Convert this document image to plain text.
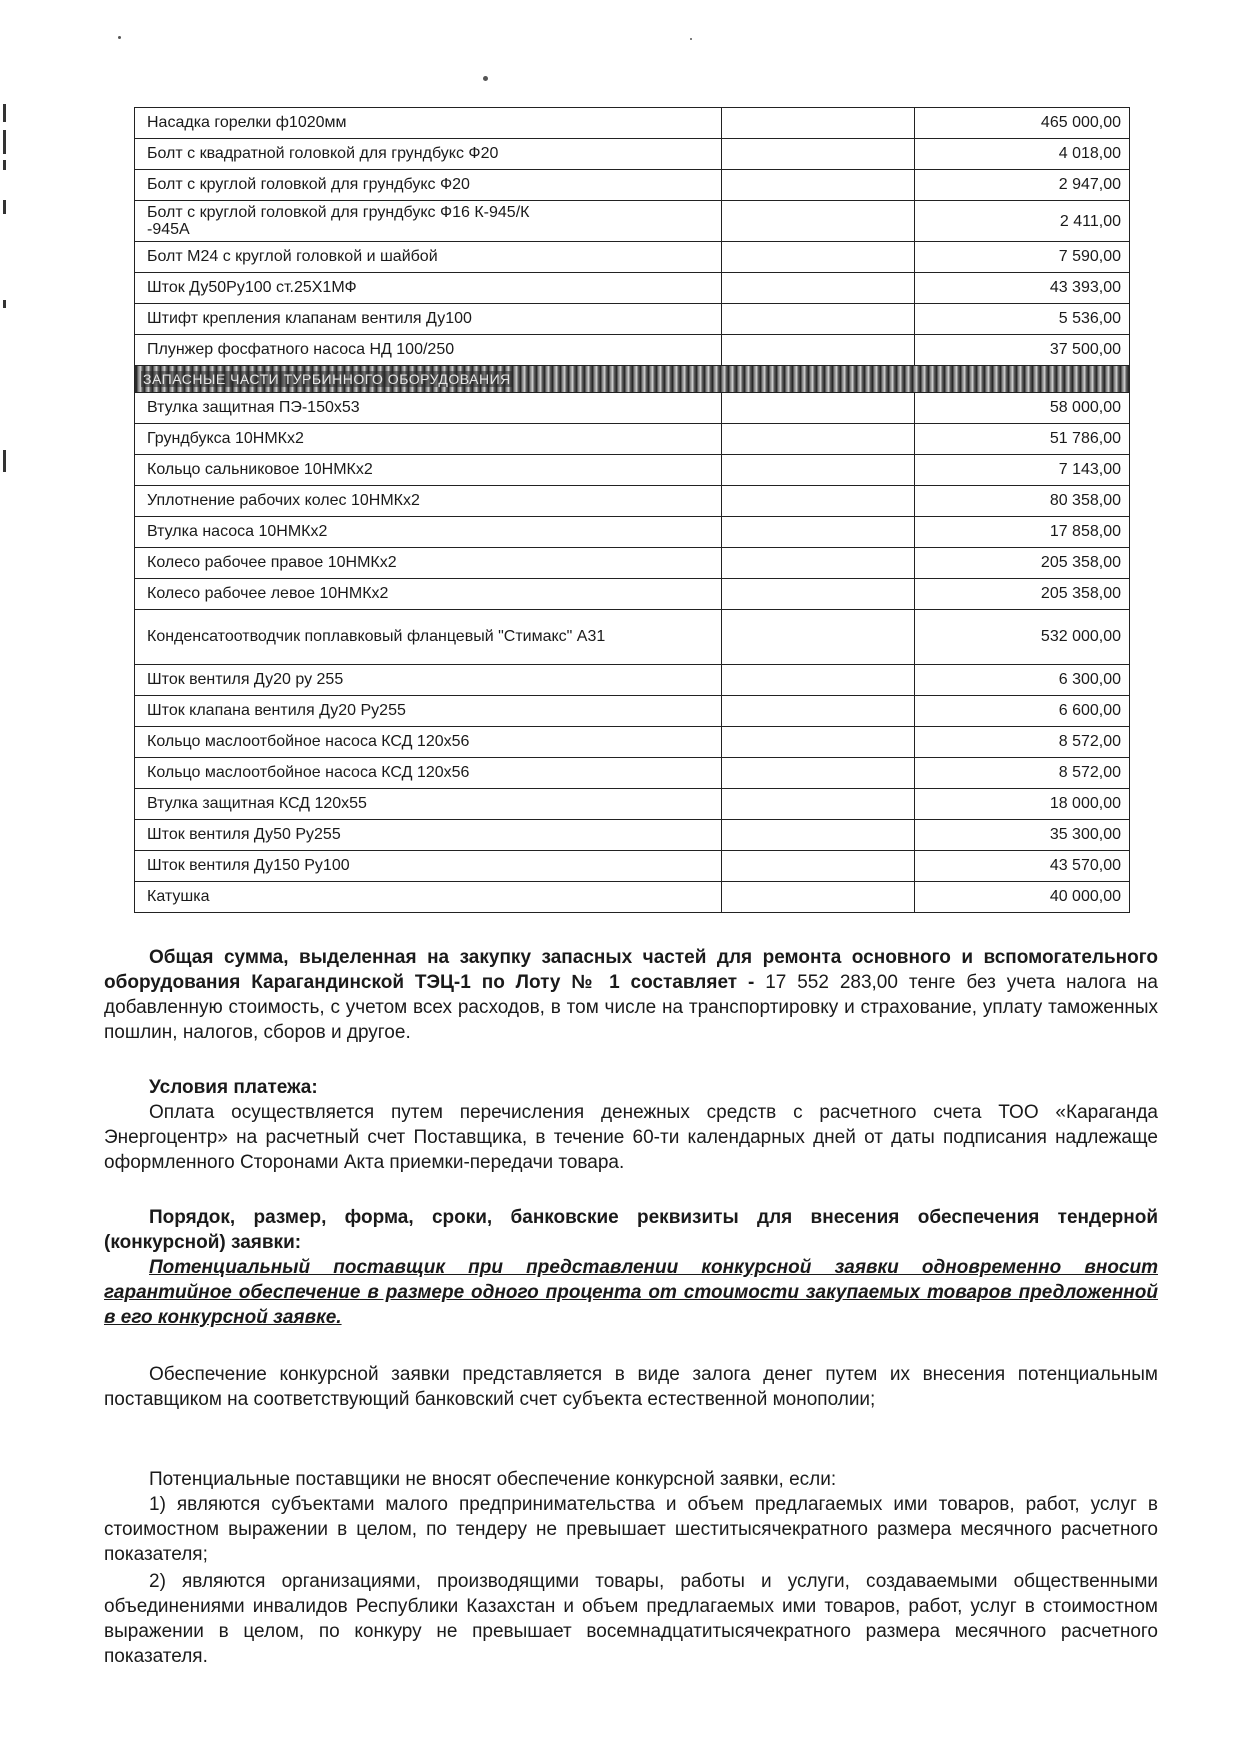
Насадка горелки ф1020мм		465 000,00
Болт с квадратной головкой для грундбукс Ф20		4 018,00
Болт с круглой головкой для грундбукс Ф20		2 947,00
Болт с круглой головкой для грундбукс Ф16 К-945/К
-945А		2 411,00
Болт М24 с круглой головкой и шайбой		7 590,00
Шток Ду50Ру100 ст.25Х1МФ		43 393,00
Штифт крепления клапанам вентиля Ду100		5 536,00
Плунжер фосфатного насоса НД 100/250		37 500,00
ЗАПАСНЫЕ ЧАСТИ ТУРБИННОГО ОБОРУДОВАНИЯ		
Втулка защитная ПЭ-150х53		58 000,00
Грундбукса 10НМКх2		51 786,00
Кольцо сальниковое 10НМКх2		7 143,00
Уплотнение рабочих колес 10НМКх2		80 358,00
Втулка насоса 10НМКх2		17 858,00
Колесо рабочее правое 10НМКх2		205 358,00
Колесо рабочее левое 10НМКх2		205 358,00
Конденсатоотводчик поплавковый фланцевый "Стимакс" А31		532 000,00
Шток вентиля Ду20 ру 255		6 300,00
Шток клапана вентиля Ду20 Ру255		6 600,00
Кольцо маслоотбойное насоса КСД 120х56		8 572,00
Кольцо маслоотбойное насоса КСД 120х56		8 572,00
Втулка защитная КСД 120х55		18 000,00
Шток вентиля Ду50 Ру255		35 300,00
Шток вентиля Ду150 Ру100		43 570,00
Катушка		40 000,00
Общая сумма, выделенная на закупку запасных частей для ремонта основного и вспомогательного оборудования Карагандинской ТЭЦ-1 по Лоту № 1 составляет - 17 552 283,00 тенге без учета налога на добавленную стоимость, с учетом всех расходов, в том числе на транспортировку и страхование, уплату таможенных пошлин, налогов, сборов и другое.
Условия платежа:
Оплата осуществляется путем перечисления денежных средств с расчетного счета ТОО «Караганда Энергоцентр» на расчетный счет Поставщика, в течение 60-ти календарных дней от даты подписания надлежаще оформленного Сторонами Акта приемки-передачи товара.
Порядок, размер, форма, сроки, банковские реквизиты для внесения обеспечения тендерной (конкурсной) заявки:
Потенциальный поставщик при представлении конкурсной заявки одновременно вносит гарантийное обеспечение в размере одного процента от стоимости закупаемых товаров предложенной в его конкурсной заявке.
Обеспечение конкурсной заявки представляется в виде залога денег путем их внесения потенциальным поставщиком на соответствующий банковский счет субъекта естественной монополии;
Потенциальные поставщики не вносят обеспечение конкурсной заявки, если:
1) являются субъектами малого предпринимательства и объем предлагаемых ими товаров, работ, услуг в стоимостном выражении в целом, по тендеру не превышает шеститысячекратного размера месячного расчетного показателя;
2) являются организациями, производящими товары, работы и услуги, создаваемыми общественными объединениями инвалидов Республики Казахстан и объем предлагаемых ими товаров, работ, услуг в стоимостном выражении в целом, по конкуру не превышает восемнадцатитысячекратного размера месячного расчетного показателя.
